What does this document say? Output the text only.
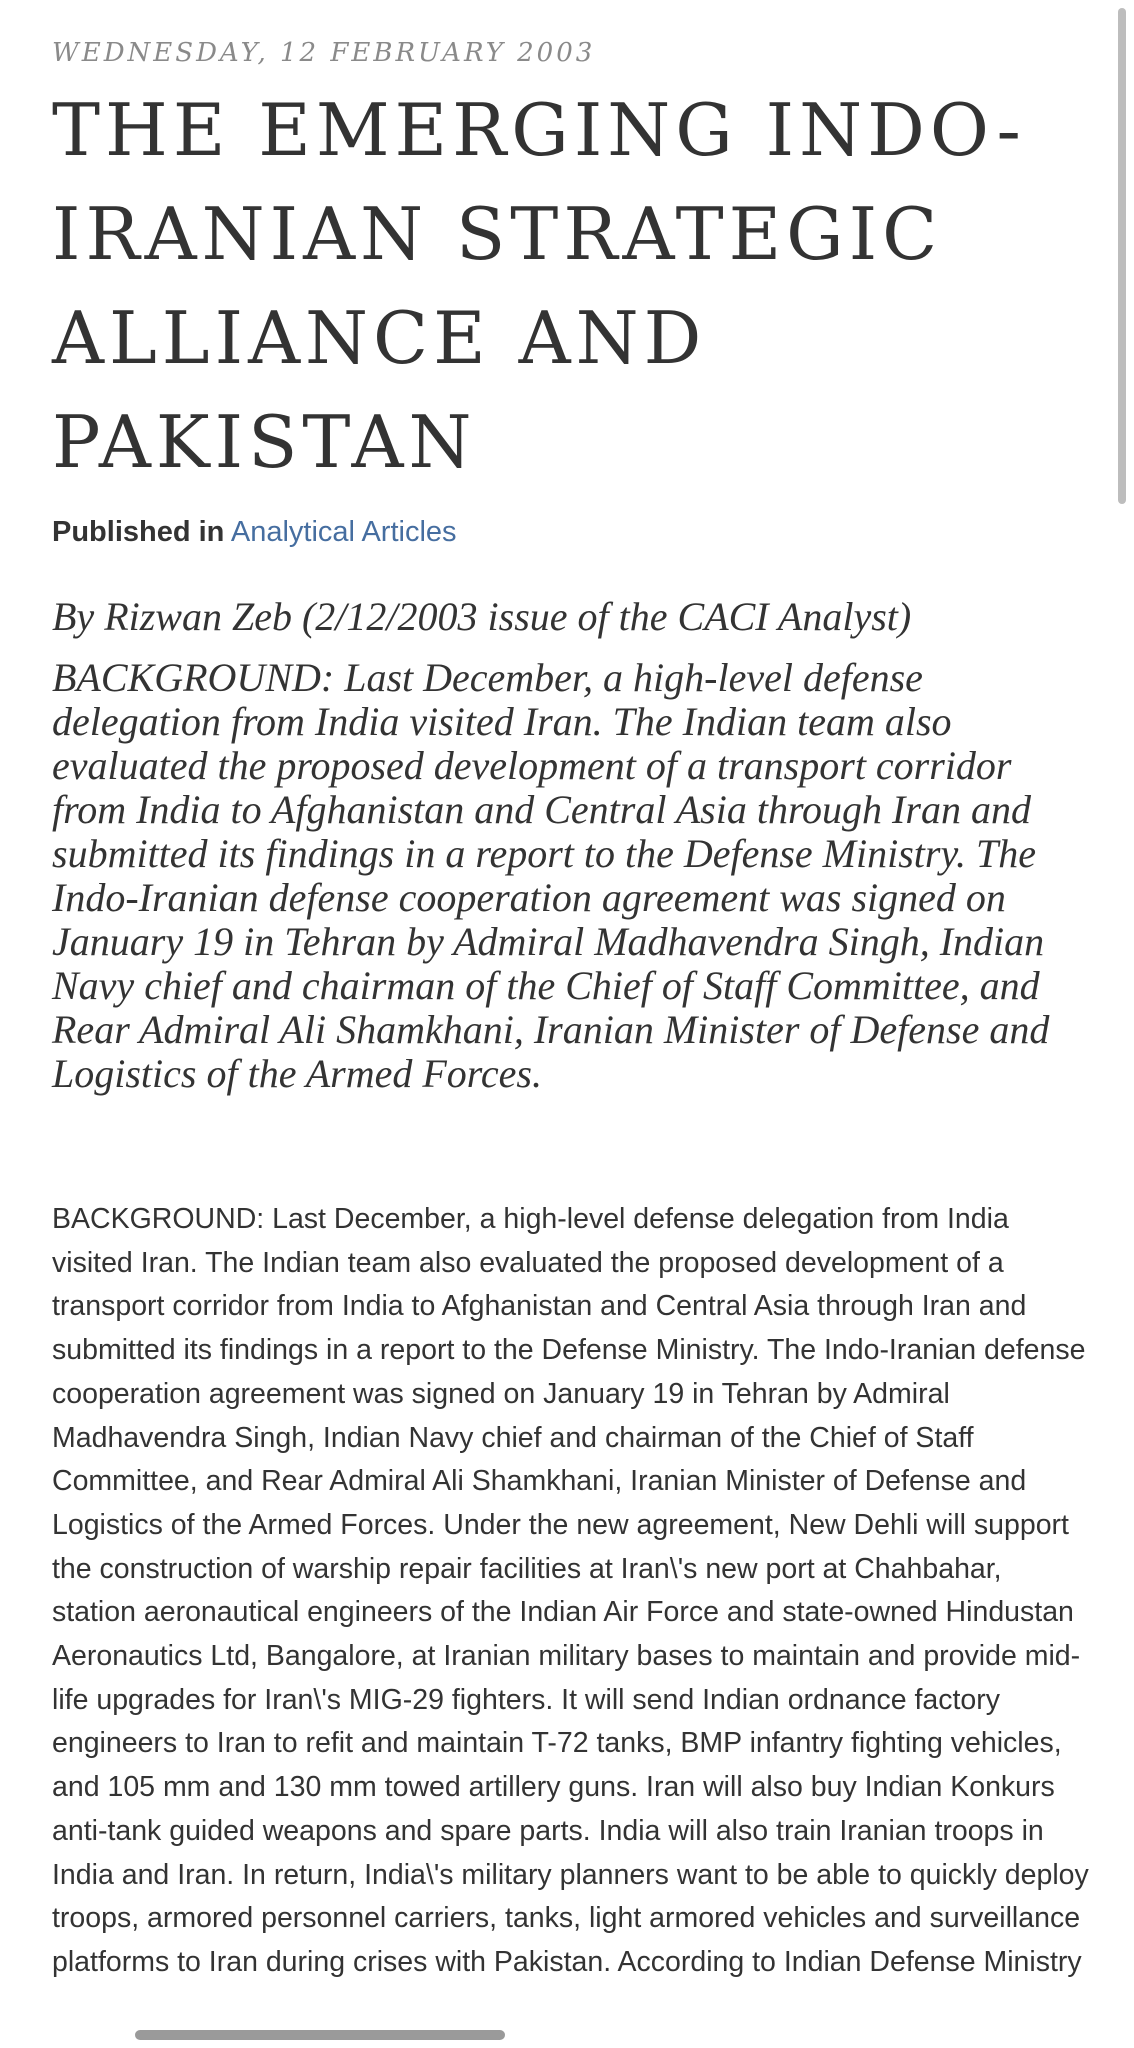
WEDNESDAY, 12 FEBRUARY 2003

THE EMERGING INDO-IRANIAN STRATEGIC ALLIANCE AND PAKISTAN

Published in Analytical Articles

By Rizwan Zeb (2/12/2003 issue of the CACI Analyst)

BACKGROUND: Last December, a high-level defense delegation from India visited Iran. The Indian team also evaluated the proposed development of a transport corridor from India to Afghanistan and Central Asia through Iran and submitted its findings in a report to the Defense Ministry. The Indo-Iranian defense cooperation agreement was signed on January 19 in Tehran by Admiral Madhavendra Singh, Indian Navy chief and chairman of the Chief of Staff Committee, and Rear Admiral Ali Shamkhani, Iranian Minister of Defense and Logistics of the Armed Forces.

BACKGROUND: Last December, a high-level defense delegation from India visited Iran. The Indian team also evaluated the proposed development of a transport corridor from India to Afghanistan and Central Asia through Iran and submitted its findings in a report to the Defense Ministry. The Indo-Iranian defense cooperation agreement was signed on January 19 in Tehran by Admiral Madhavendra Singh, Indian Navy chief and chairman of the Chief of Staff Committee, and Rear Admiral Ali Shamkhani, Iranian Minister of Defense and Logistics of the Armed Forces. Under the new agreement, New Dehli will support the construction of warship repair facilities at Iran\'s new port at Chahbahar, station aeronautical engineers of the Indian Air Force and state-owned Hindustan Aeronautics Ltd, Bangalore, at Iranian military bases to maintain and provide mid-life upgrades for Iran\'s MIG-29 fighters. It will send Indian ordnance factory engineers to Iran to refit and maintain T-72 tanks, BMP infantry fighting vehicles, and 105 mm and 130 mm towed artillery guns. Iran will also buy Indian Konkurs anti-tank guided weapons and spare parts. India will also train Iranian troops in India and Iran. In return, India\'s military planners want to be able to quickly deploy troops, armored personnel carriers, tanks, light armored vehicles and surveillance platforms to Iran during crises with Pakistan. According to Indian Defense Ministry
